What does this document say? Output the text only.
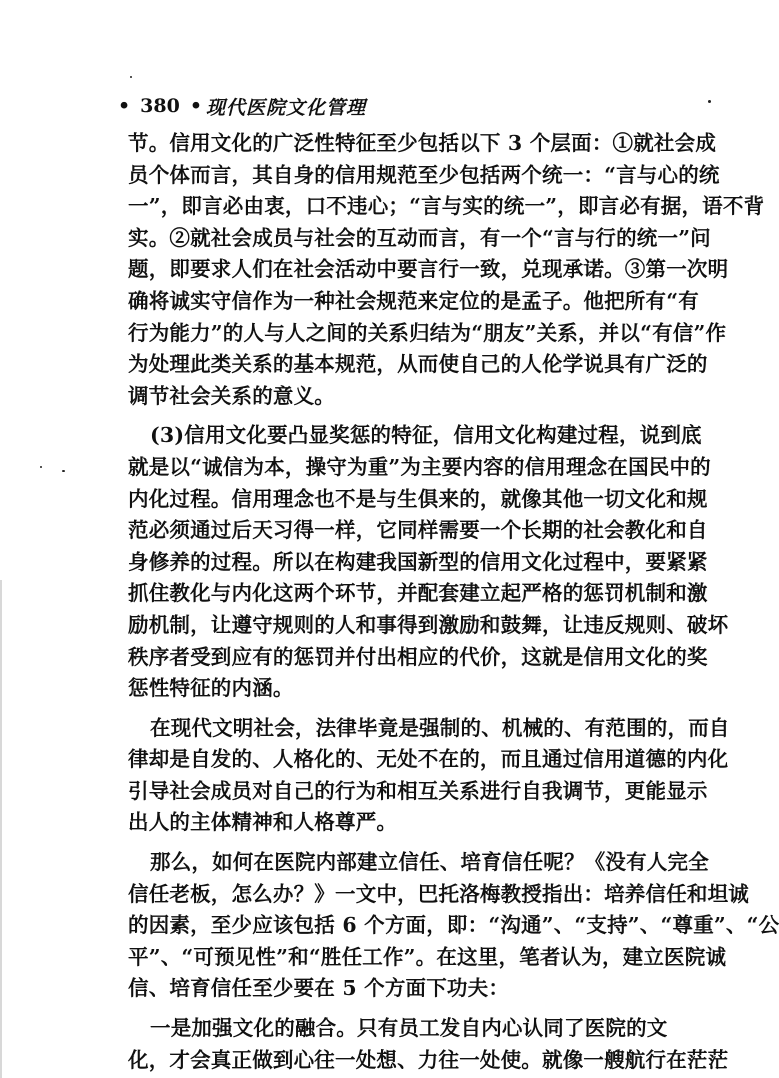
• 380 • 现代医院文化管理
节。信用文化的广泛性特征至少包括以下 3 个层面：①就社会成
员个体而言，其自身的信用规范至少包括两个统一：“言与心的统
一”，即言必由衷，口不违心；“言与实的统一”，即言必有据，语不背
实。②就社会成员与社会的互动而言，有一个“言与行的统一”问
题，即要求人们在社会活动中要言行一致，兑现承诺。③第一次明
确将诚实守信作为一种社会规范来定位的是孟子。他把所有“有
行为能力”的人与人之间的关系归结为“朋友”关系，并以“有信”作
为处理此类关系的基本规范，从而使自己的人伦学说具有广泛的
调节社会关系的意义。
(3)信用文化要凸显奖惩的特征，信用文化构建过程，说到底
就是以“诚信为本，操守为重”为主要内容的信用理念在国民中的
内化过程。信用理念也不是与生俱来的，就像其他一切文化和规
范必须通过后天习得一样，它同样需要一个长期的社会教化和自
身修养的过程。所以在构建我国新型的信用文化过程中，要紧紧
抓住教化与内化这两个环节，并配套建立起严格的惩罚机制和激
励机制，让遵守规则的人和事得到激励和鼓舞，让违反规则、破坏
秩序者受到应有的惩罚并付出相应的代价，这就是信用文化的奖
惩性特征的内涵。
在现代文明社会，法律毕竟是强制的、机械的、有范围的，而自
律却是自发的、人格化的、无处不在的，而且通过信用道德的内化
引导社会成员对自己的行为和相互关系进行自我调节，更能显示
出人的主体精神和人格尊严。
那么，如何在医院内部建立信任、培育信任呢？《没有人完全
信任老板，怎么办？》一文中，巴托洛梅教授指出：培养信任和坦诚
的因素，至少应该包括 6 个方面，即：“沟通”、“支持”、“尊重”、“公
平”、“可预见性”和“胜任工作”。在这里，笔者认为，建立医院诚
信、培育信任至少要在 5 个方面下功夫：
一是加强文化的融合。只有员工发自内心认同了医院的文
化，才会真正做到心往一处想、力往一处使。就像一艘航行在茫茫
